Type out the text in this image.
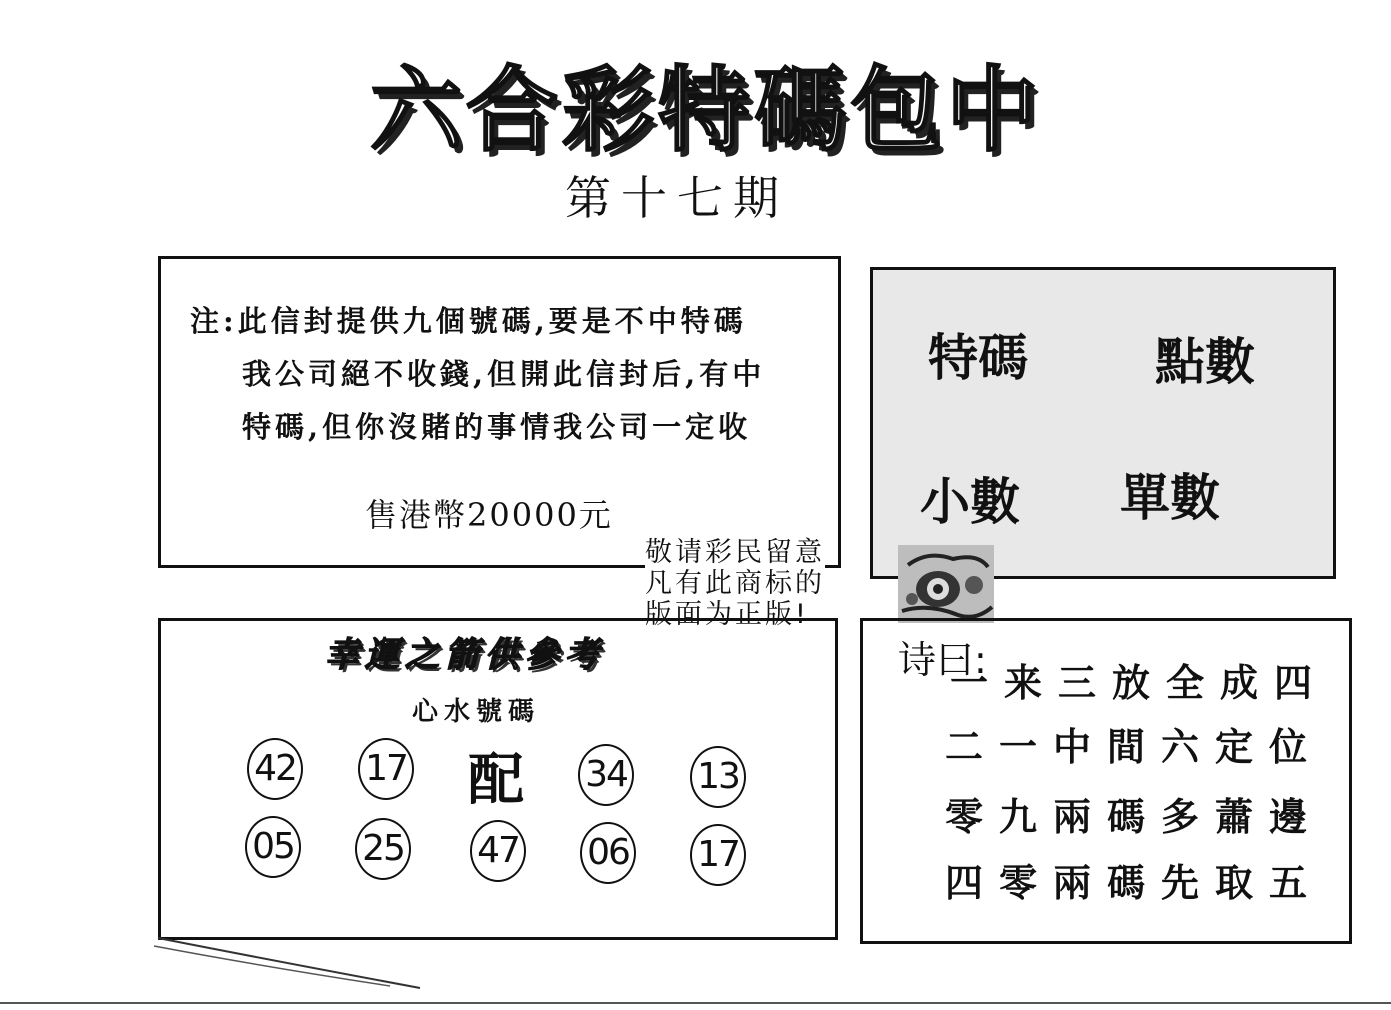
六合彩特碼包中
第十七期
注:此信封提供九個號碼,要是不中特碼
我公司絕不收錢,但開此信封后,有中
特碼,但你沒賭的事情我公司一定收
售港幣20000元
特碼	點數
小數 單數
敬请彩民留意
凡有此商标的
版面为正版!
幸運之箭供參考
心水號碼
42 17 配 34 13
05 25 47 06 17
诗曰:
一来三放全成四
二一中間六定位
零九兩碼多蕭邊
四零兩碼先取五
